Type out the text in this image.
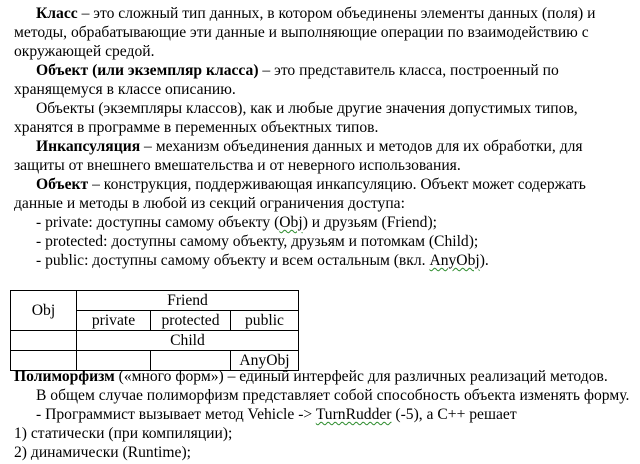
Класс – это сложный тип данных, в котором объединены элементы данных (поля) и
методы, обрабатывающие эти данные и выполняющие операции по взаимодействию с
окружающей средой.
Объект (или экземпляр класса) – это представитель класса, построенный по
хранящемуся в классе описанию.
Объекты (экземпляры классов), как и любые другие значения допустимых типов,
хранятся в программе в переменных объектных типов.
Инкапсуляция – механизм объединения данных и методов для их обработки, для
защиты от внешнего вмешательства и от неверного использования.
Объект – конструкция, поддерживающая инкапсуляцию. Объект может содержать
данные и методы в любой из секций ограничения доступа:
- private: доступны самому объекту (Obj) и друзьям (Friend);
- protected: доступны самому объекту, друзьям и потомкам (Child);
- public: доступны самому объекту и всем остальным (вкл. AnyObj).
Obj	Friend		
	private	protected	public
	Child		
			AnyObj
Полиморфизм («много форм») – единый интерфейс для различных реализаций методов.
В общем случае полиморфизм представляет собой способность объекта изменять форму.
- Программист вызывает метод Vehicle -> TurnRudder (-5), а C++ решает
1) статически (при компиляции);
2) динамически (Runtime);
